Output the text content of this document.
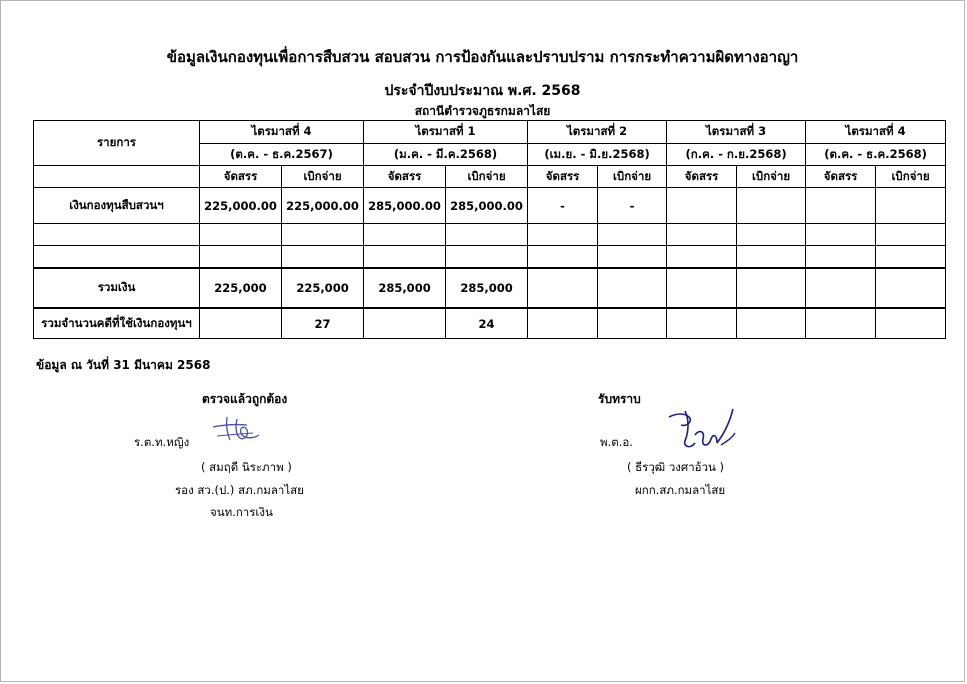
ข้อมูลเงินกองทุนเพื่อการสืบสวน สอบสวน การป้องกันและปราบปราม การกระทำความผิดทางอาญา
ประจำปีงบประมาณ พ.ศ. 2568
สถานีตำรวจภูธรกมลาไสย
รายการ	ไตรมาสที่ 4		ไตรมาสที่ 1		ไตรมาสที่ 2		ไตรมาสที่ 3		ไตรมาสที่ 4	
	(ต.ค. - ธ.ค.2567)		(ม.ค. - มี.ค.2568)		(เม.ย. - มิ.ย.2568)		(ก.ค. - ก.ย.2568)		(ต.ค. - ธ.ค.2568)	
	จัดสรร	เบิกจ่าย	จัดสรร	เบิกจ่าย	จัดสรร	เบิกจ่าย	จัดสรร	เบิกจ่าย	จัดสรร	เบิกจ่าย
เงินกองทุนสืบสวนฯ	225,000.00	225,000.00	285,000.00	285,000.00	-	-				

รวมเงิน	225,000	225,000	285,000	285,000						
รวมจำนวนคดีที่ใช้เงินกองทุนฯ		27		24						
ข้อมูล ณ วันที่ 31 มีนาคม 2568
ตรวจแล้วถูกต้อง
ร.ต.ท.หญิง
( สมฤดี นิระภาพ )
รอง สว.(ป.) สภ.กมลาไสย
จนท.การเงิน
รับทราบ
พ.ต.อ.
( ธีรวุฒิ วงศาอ้วน )
ผกก.สภ.กมลาไสย
